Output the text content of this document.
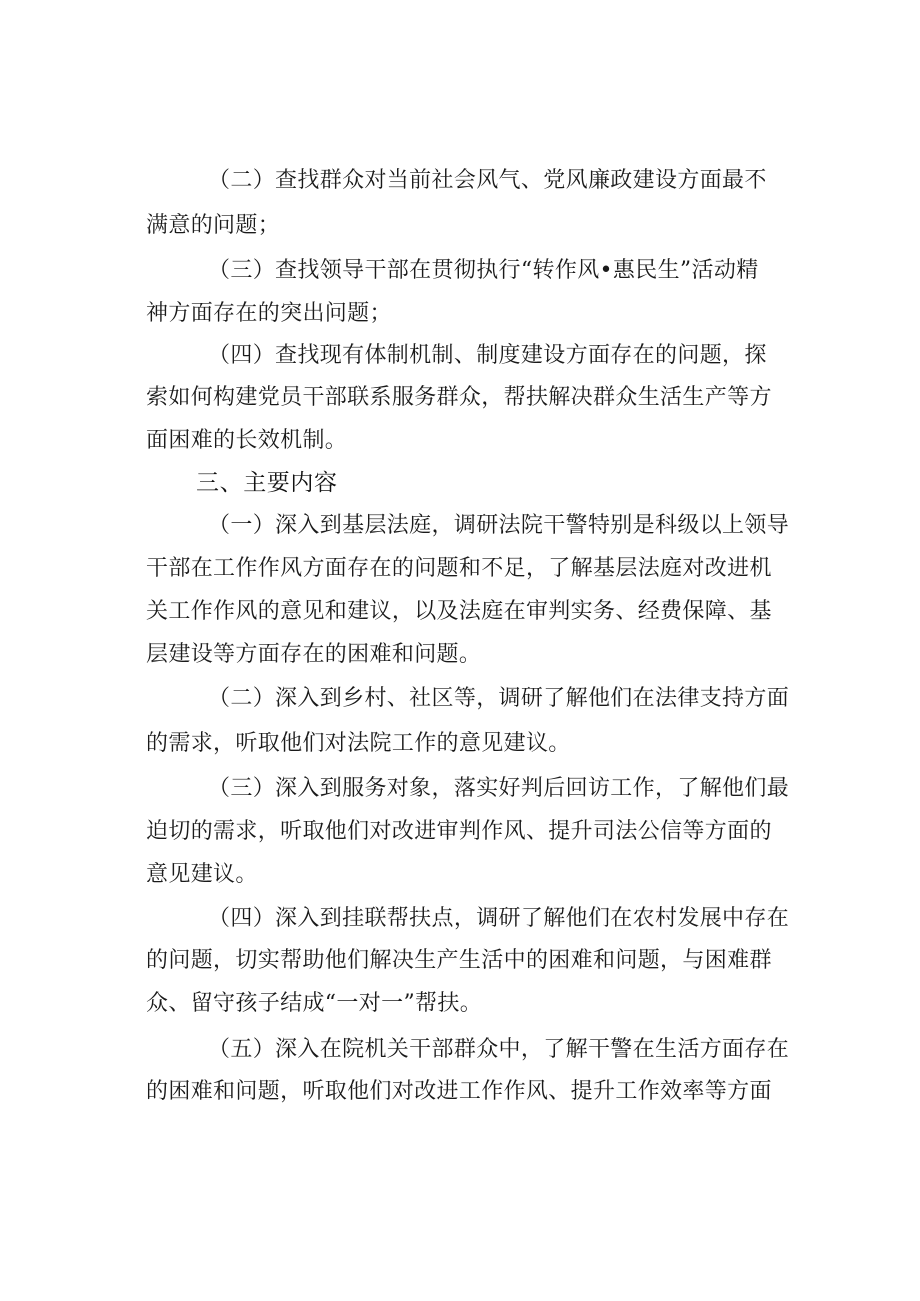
（二）查找群众对当前社会风气、党风廉政建设方面最不
满意的问题；
（三）查找领导干部在贯彻执行“转作风•惠民生”活动精
神方面存在的突出问题；
（四）查找现有体制机制、制度建设方面存在的问题，探
索如何构建党员干部联系服务群众，帮扶解决群众生活生产等方
面困难的长效机制。
三、主要内容
（一）深入到基层法庭，调研法院干警特别是科级以上领导
干部在工作作风方面存在的问题和不足，了解基层法庭对改进机
关工作作风的意见和建议，以及法庭在审判实务、经费保障、基
层建设等方面存在的困难和问题。
（二）深入到乡村、社区等，调研了解他们在法律支持方面
的需求，听取他们对法院工作的意见建议。
（三）深入到服务对象，落实好判后回访工作，了解他们最
迫切的需求，听取他们对改进审判作风、提升司法公信等方面的
意见建议。
（四）深入到挂联帮扶点，调研了解他们在农村发展中存在
的问题，切实帮助他们解决生产生活中的困难和问题，与困难群
众、留守孩子结成“一对一”帮扶。
（五）深入在院机关干部群众中，了解干警在生活方面存在
的困难和问题，听取他们对改进工作作风、提升工作效率等方面
